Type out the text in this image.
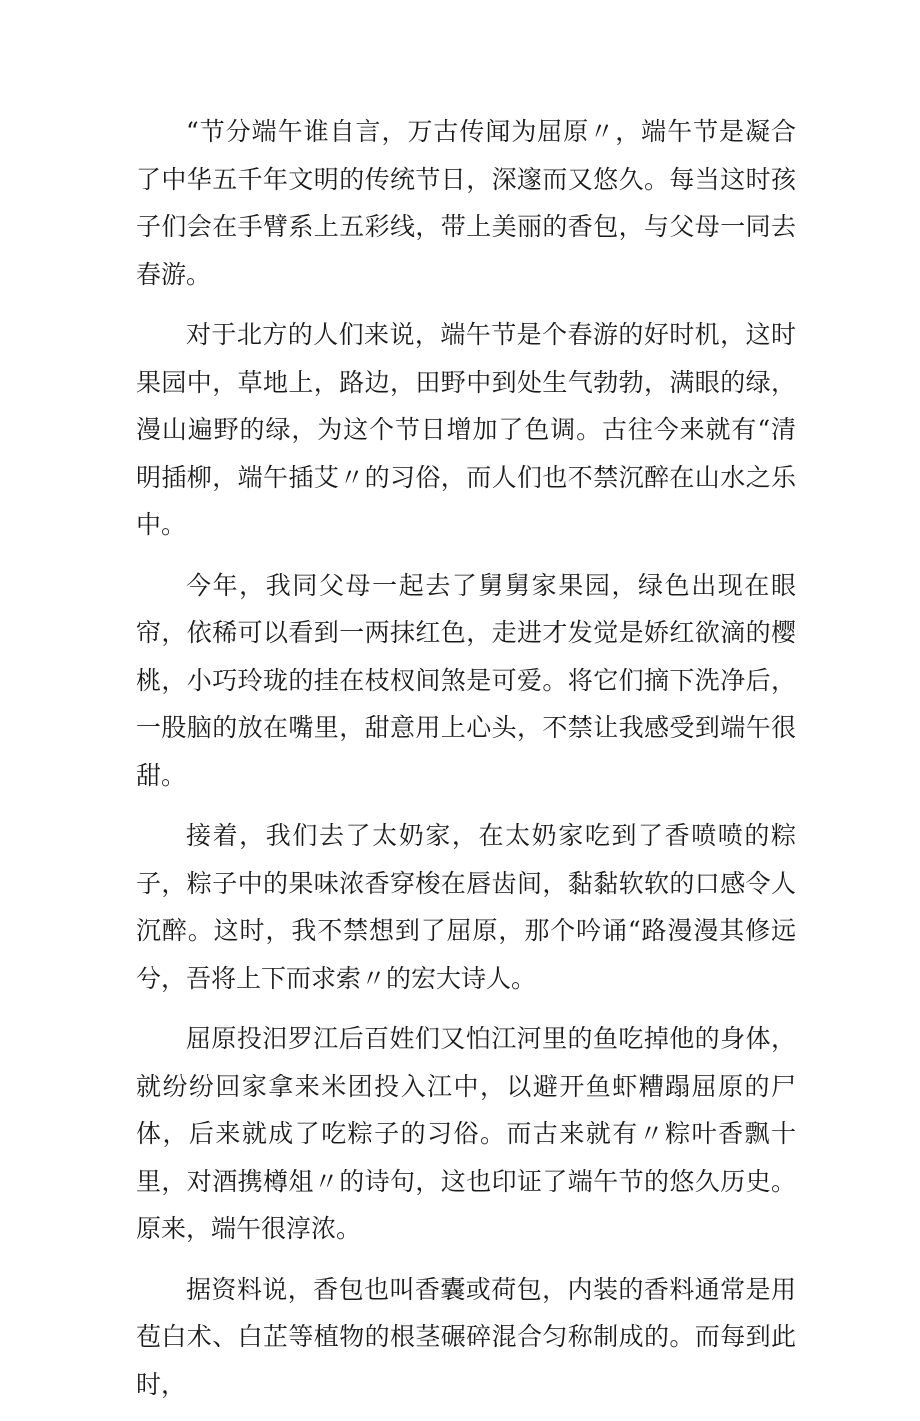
“节分端午谁自言，万古传闻为屈原〃，端午节是凝合了中华五千年文明的传统节日，深邃而又悠久。每当这时孩子们会在手臂系上五彩线，带上美丽的香包，与父母一同去春游。

对于北方的人们来说，端午节是个春游的好时机，这时果园中，草地上，路边，田野中到处生气勃勃，满眼的绿，漫山遍野的绿，为这个节日增加了色调。古往今来就有“清明插柳，端午插艾〃的习俗，而人们也不禁沉醉在山水之乐中。

今年，我同父母一起去了舅舅家果园，绿色出现在眼帘，依稀可以看到一两抹红色，走进才发觉是娇红欲滴的樱桃，小巧玲珑的挂在枝杈间煞是可爱。将它们摘下洗净后，一股脑的放在嘴里，甜意用上心头，不禁让我感受到端午很甜。

接着，我们去了太奶家，在太奶家吃到了香喷喷的粽子，粽子中的果味浓香穿梭在唇齿间，黏黏软软的口感令人沉醉。这时，我不禁想到了屈原，那个吟诵“路漫漫其修远兮，吾将上下而求索〃的宏大诗人。

屈原投汨罗江后百姓们又怕江河里的鱼吃掉他的身体，就纷纷回家拿来米团投入江中，以避开鱼虾糟蹋屈原的尸体，后来就成了吃粽子的习俗。而古来就有〃粽叶香飘十里，对酒携樽俎〃的诗句，这也印证了端午节的悠久历史。原来，端午很淳浓。

据资料说，香包也叫香囊或荷包，内装的香料通常是用苞白术、白芷等植物的根茎碾碎混合匀称制成的。而每到此时，
